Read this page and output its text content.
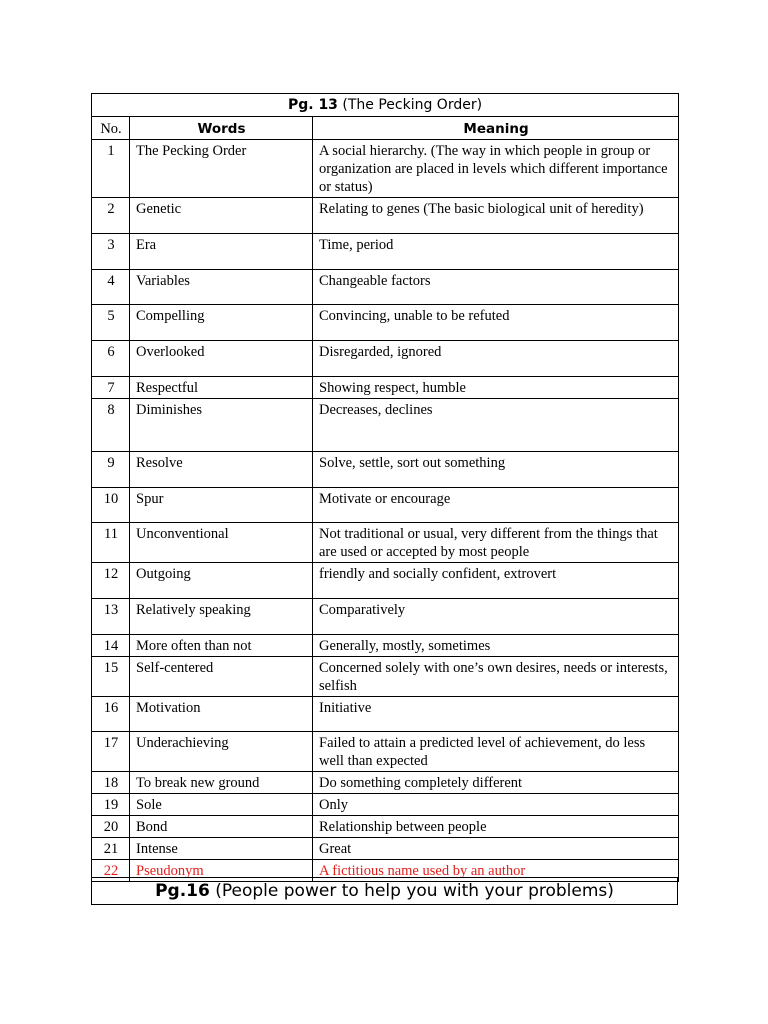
Pg. 13 (The Pecking Order)		
No.	Words	Meaning
1	The Pecking Order	A social hierarchy. (The way in which people in group or organization are placed in levels which different importance or status)
2	Genetic	Relating to genes (The basic biological unit of heredity)
3	Era	Time, period
4	Variables	Changeable factors
5	Compelling	Convincing, unable to be refuted
6	Overlooked	Disregarded, ignored
7	Respectful	Showing respect, humble
8	Diminishes	Decreases, declines
9	Resolve	Solve, settle, sort out something
10	Spur	Motivate or encourage
11	Unconventional	Not traditional or usual, very different from the things that are used or accepted by most people
12	Outgoing	friendly and socially confident, extrovert
13	Relatively speaking	Comparatively
14	More often than not	Generally, mostly, sometimes
15	Self-centered	Concerned solely with one’s own desires, needs or interests, selfish
16	Motivation	Initiative
17	Underachieving	Failed to attain a predicted level of achievement, do less well than expected
18	To break new ground	Do something completely different
19	Sole	Only
20	Bond	Relationship between people
21	Intense	Great
22	Pseudonym	A fictitious name used by an author
Pg.16 (People power to help you with your problems)
